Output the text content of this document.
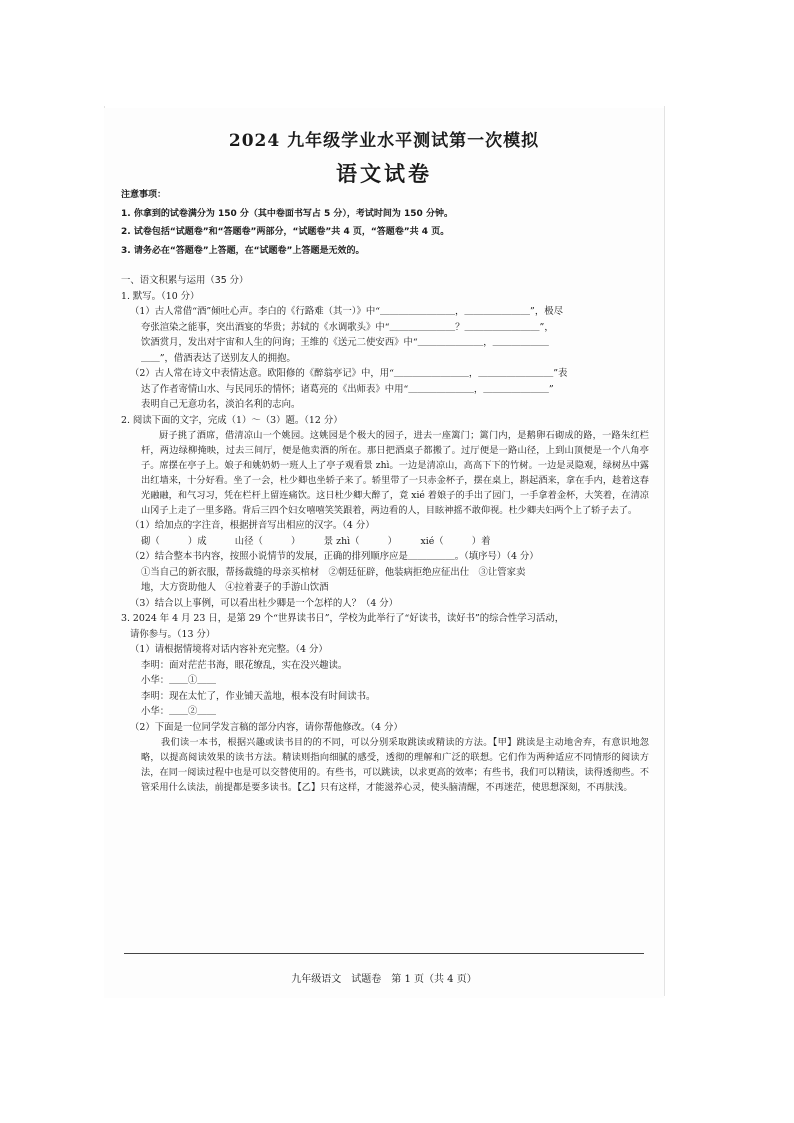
2024 九年级学业水平测试第一次模拟
语文试卷

注意事项：

1. 你拿到的试卷满分为 150 分（其中卷面书写占 5 分），考试时间为 150 分钟。

2. 试卷包括“试题卷”和“答题卷”两部分，“试题卷”共 4 页，“答题卷”共 4 页。

3. 请务必在“答题卷”上答题，在“试题卷”上答题是无效的。

一、语文积累与运用（35 分）

1. 默写。（10 分）

（1）古人常借“酒”倾吐心声。李白的《行路难（其一）》中“＿＿＿＿＿＿＿＿，＿＿＿＿＿＿＿”，极尽

夸张渲染之能事，突出酒宴的华贵；苏轼的《水调歌头》中“＿＿＿＿＿＿＿？＿＿＿＿＿＿＿＿”，

饮酒赏月，发出对宇宙和人生的问询；王维的《送元二使安西》中“＿＿＿＿＿＿＿，＿＿＿＿＿＿

＿＿”，借酒表达了送别友人的拥抱。

（2）古人常在诗文中表情达意。欧阳修的《醉翁亭记》中，用“＿＿＿＿＿＿＿＿，＿＿＿＿＿＿＿＿”表

达了作者寄情山水、与民同乐的情怀；诸葛亮的《出师表》中用“＿＿＿＿＿＿＿，＿＿＿＿＿＿＿”

表明自己无意功名，淡泊名利的志向。

2. 阅读下面的文字，完成（1）～（3）题。（12 分）

厨子挑了酒席，借清凉山一个姚园。这姚园是个极大的园子，进去一座篱门；篱门内，是鹅卵石砌成的路，一路朱红栏杆，两边绿柳掩映，过去三间厅，便是他卖酒的所在。那日把酒桌子都搬了。过厅便是一路山径，上到山顶便是一个八角亭子。席摆在亭子上。娘子和姚奶奶一班人上了亭子观看景 zhì。一边是清凉山，高高下下的竹树。一边是灵隐观，绿树丛中露出红墙来，十分好看。坐了一会，杜少卿也坐轿子来了。轿里带了一只赤金杯子，摆在桌上，斟起酒来，拿在手内，趁着这春光融融，和气习习，凭在栏杆上留连痛饮。这日杜少卿大醉了，竟 xié 着娘子的手出了园门，一手拿着金杯，大笑着，在清凉山冈子上走了一里多路。背后三四个妇女嘻嘻笑笑跟着，两边看的人，目眩神摇不敢仰视。杜少卿夫妇两个上了轿子去了。

（1）给加点的字注音，根据拼音写出相应的汉字。（4 分）

砌（　　　）成　　　山径（　　　）　　　景 zhì（　　　）　　　xié（　　　）着

（2）结合整本书内容，按照小说情节的发展，正确的排列顺序应是＿＿＿＿＿。（填序号）（4 分）

①当自己的新衣服，帮扬裁缝的母亲买棺材　②朝廷征辟，他装病拒绝应征出仕　③让管家卖

地，大方资助他人　④拉着妻子的手游山饮酒

（3）结合以上事例，可以看出杜少卿是一个怎样的人？（4 分）

3. 2024 年 4 月 23 日，是第 29 个“世界读书日”，学校为此举行了“好读书，读好书”的综合性学习活动，

请你参与。（13 分）

（1）请根据情境将对话内容补充完整。（4 分）

李明：面对茫茫书海，眼花缭乱，实在没兴趣读。

小华：＿＿①＿＿

李明：现在太忙了，作业铺天盖地，根本没有时间读书。

小华：＿＿②＿＿

（2）下面是一位同学发言稿的部分内容，请你帮他修改。（4 分）

我们读一本书，根据兴趣或读书目的的不同，可以分别采取跳读或精读的方法。【甲】跳读是主动地舍弃，有意识地忽略，以提高阅读效果的读书方法。精读则指向细腻的感受，透彻的理解和广泛的联想。它们作为两种适应不同情形的阅读方法，在同一阅读过程中也是可以交替使用的。有些书，可以跳读，以求更高的效率；有些书，我们可以精读，读得透彻些。不管采用什么读法，前提都是要多读书。【乙】只有这样，才能滋养心灵，使头脑清醒，不再迷茫，使思想深刻，不再肤浅。

九年级语文　试题卷　第 1 页（共 4 页）
